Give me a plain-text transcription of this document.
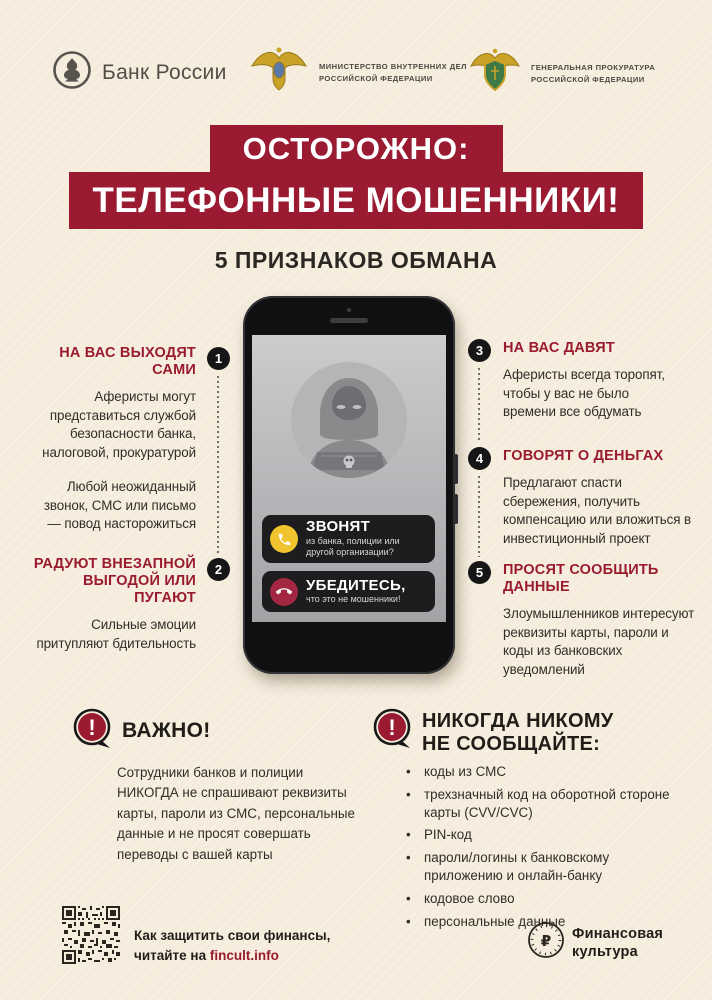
Банк России	МИНИСТЕРСТВО ВНУТРЕННИХ ДЕЛ
РОССИЙСКОЙ ФЕДЕРАЦИИ
ГЕНЕРАЛЬНАЯ ПРОКУРАТУРА
РОССИЙСКОЙ ФЕДЕРАЦИИ
ОСТОРОЖНО:
ТЕЛЕФОННЫЕ МОШЕННИКИ!
5 ПРИЗНАКОВ ОБМАНА
ЗВОНЯТ
из банка, полиции или другой организации?
УБЕДИТЕСЬ,
что это не мошенники!
1
2
3
4
5
НА ВАС ВЫХОДЯТ САМИ

Аферисты могут представиться службой безопасности банка, налоговой, прокуратурой

Любой неожиданный звонок, СМС или письмо — повод насторожиться

РАДУЮТ ВНЕЗАПНОЙ ВЫГОДОЙ ИЛИ ПУГАЮТ

Сильные эмоции притупляют бдительность

НА ВАС ДАВЯТ

Аферисты всегда торопят, чтобы у вас не было времени все обдумать

ГОВОРЯТ О ДЕНЬГАХ

Предлагают спасти сбережения, получить компенсацию или вложиться в инвестиционный проект

ПРОСЯТ СООБЩИТЬ ДАННЫЕ

Злоумышленников интересуют реквизиты карты, пароли и коды из банковских уведомлений

! ВАЖНО!
Сотрудники банков и полиции НИКОГДА не спрашивают реквизиты карты, пароли из СМС, персональные данные и не просят совершать переводы с вашей карты
! НИКОГДА НИКОМУ
НЕ СООБЩАЙТЕ:
• коды из СМС
• трехзначный код на оборотной стороне карты (CVV/CVC)
• PIN-код
• пароли/логины к банковскому приложению и онлайн-банку
• кодовое слово
• персональные данные
Как защитить свои финансы,
читайте на fincult.info
₽ Финансовая
культура
